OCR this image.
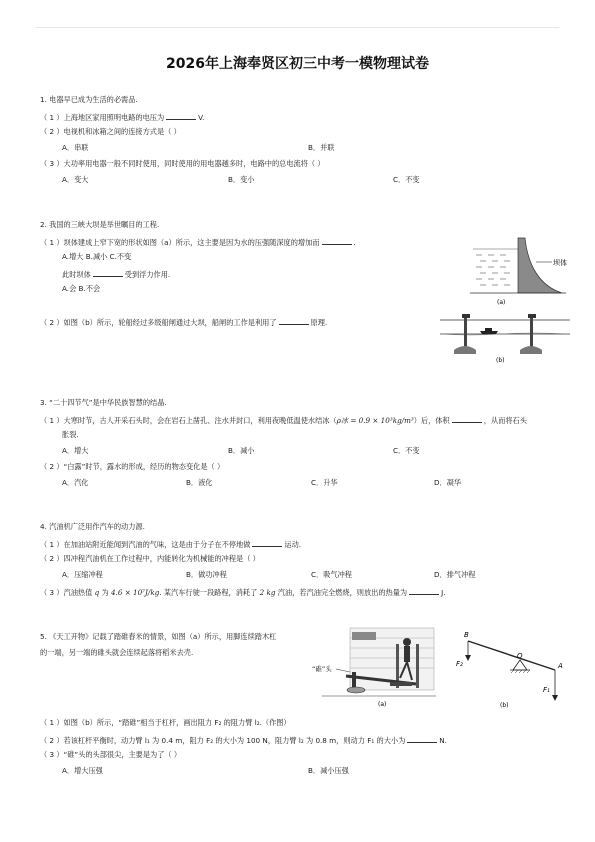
2026年上海奉贤区初三中考一模物理试卷
1. 电器早已成为生活的必需品.
（ 1 ）上海地区家用照明电路的电压为	V.
（ 2 ）电视机和冰箱之间的连接方式是（ ）
A．串联	B．并联
（ 3 ）大功率用电器一般不同时使用，同时使用的用电器越多时，电路中的总电流将（ ）
A．变大	B．变小	C．不变
2. 我国的三峡大坝是举世瞩目的工程.
（ 1 ）坝体建成上窄下宽的形状如图（a）所示，这主要是因为水的压强随深度的增加而	.
A.增大 B.减小 C.不变
此时坝体	受到浮力作用.
A.会 B.不会
（ 2 ）如图（b）所示，轮船经过多级船闸通过大坝，船闸的工作是利用了	原理.
坝体
(a)
(b)
3. “二十四节气”是中华民族智慧的结晶.
（ 1 ）大寒时节，古人开采石头时，会在岩石上凿孔、注水并封口，利用夜晚低温使水结冰（ρ冰 = 0.9 × 10³kg/m³）后，体积	，从而将石头
胀裂.
A．增大	B．减小	C．不变
（ 2 ）“白露”时节，露水的形成，经历的物态变化是（ ）
A．汽化	B．液化	C．升华	D．凝华
4. 汽油机广泛用作汽车的动力源.
（ 1 ）在加油站附近能闻到汽油的气味，这是由于分子在不停地做	运动.
（ 2 ）四冲程汽油机在工作过程中，内能转化为机械能的冲程是（ ）
A．压缩冲程	B．做功冲程	C．吸气冲程	D．排气冲程
（ 3 ）汽油热值 q 为 4.6 × 10⁷J/kg. 某汽车行驶一段路程，消耗了 2 kg 汽油，若汽油完全燃烧，则放出的热量为	J.
5. 《天工开物》记载了踏碓舂米的情景，如图（a）所示，用脚连续踏木杠
的一端，另一端的碓头就会连续起落将稻米去壳.
“碓”头
(a)
B
O
A
F₂
F₁
(b)
（ 1 ）如图（b）所示，“踏碓”相当于杠杆，画出阻力 F₂ 的阻力臂 l₂.（作图）
（ 2 ）若该杠杆平衡时，动力臂 l₁ 为 0.4 m，阻力 F₂ 的大小为 100 N，阻力臂 l₂ 为 0.8 m，则动力 F₁ 的大小为	N.
（ 3 ）“碓”头的头部很尖，主要是为了（ ）
A．增大压强	B．减小压强
